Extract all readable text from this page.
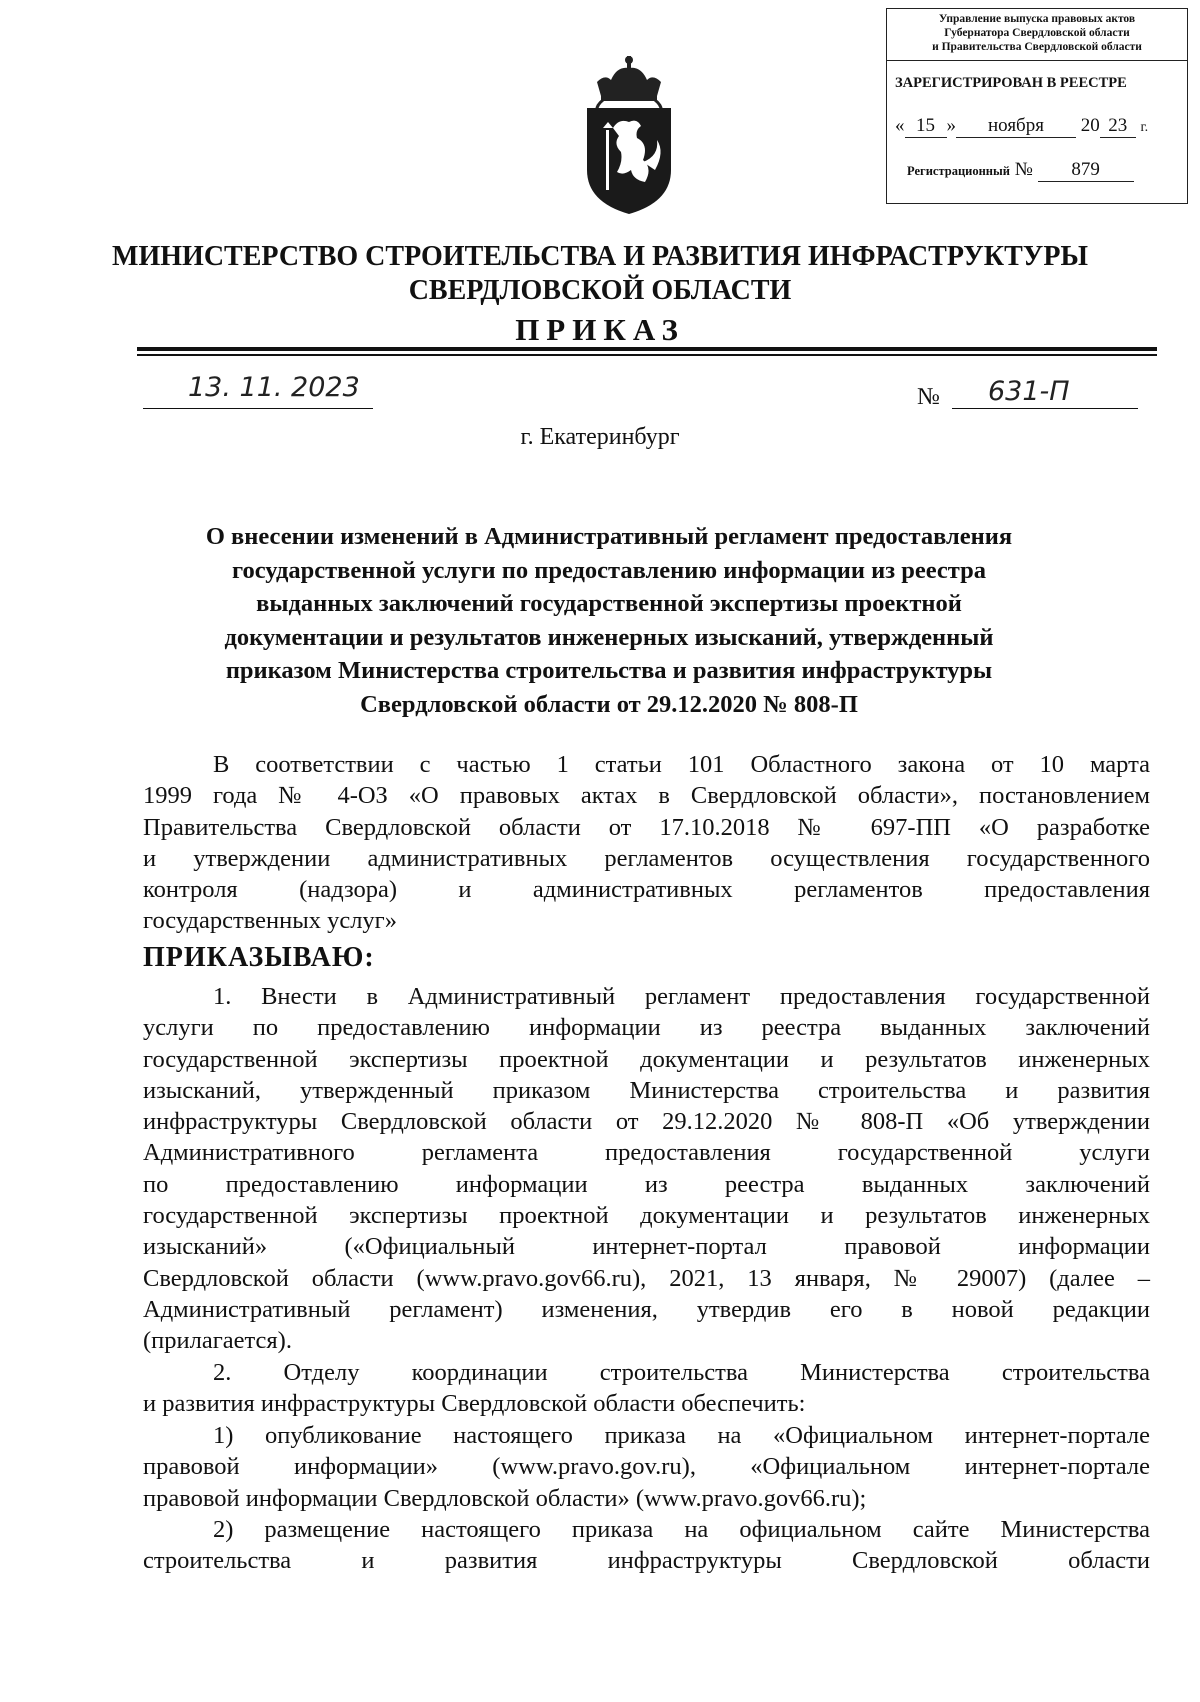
Управление выпуска правовых актов
Губернатора Свердловской области
и Правительства Свердловской области
ЗАРЕГИСТРИРОВАН В РЕЕСТРЕ
« 15 » ноября 20 23 г.
Регистрационный № 879
МИНИСТЕРСТВО СТРОИТЕЛЬСТВА И РАЗВИТИЯ ИНФРАСТРУКТУРЫ
СВЕРДЛОВСКОЙ ОБЛАСТИ
ПРИКАЗ
13. 11. 2023	№ 631-П
г. Екатеринбург
О внесении изменений в Административный регламент предоставления
государственной услуги по предоставлению информации из реестра
выданных заключений государственной экспертизы проектной
документации и результатов инженерных изысканий, утвержденный
приказом Министерства строительства и развития инфраструктуры
Свердловской области от 29.12.2020 № 808-П
В соответствии с частью 1 статьи 101 Областного закона от 10 марта
1999 года № 4-ОЗ «О правовых актах в Свердловской области», постановлением
Правительства Свердловской области от 17.10.2018 № 697-ПП «О разработке
и утверждении административных регламентов осуществления государственного
контроля (надзора) и административных регламентов предоставления
государственных услуг»
ПРИКАЗЫВАЮ:
1. Внести в Административный регламент предоставления государственной
услуги по предоставлению информации из реестра выданных заключений
государственной экспертизы проектной документации и результатов инженерных
изысканий, утвержденный приказом Министерства строительства и развития
инфраструктуры Свердловской области от 29.12.2020 № 808-П «Об утверждении
Административного регламента предоставления государственной услуги
по предоставлению информации из реестра выданных заключений
государственной экспертизы проектной документации и результатов инженерных
изысканий» («Официальный интернет-портал правовой информации
Свердловской области (www.pravo.gov66.ru), 2021, 13 января, № 29007) (далее –
Административный регламент) изменения, утвердив его в новой редакции
(прилагается).
2. Отделу координации строительства Министерства строительства
и развития инфраструктуры Свердловской области обеспечить:
1) опубликование настоящего приказа на «Официальном интернет-портале
правовой информации» (www.pravo.gov.ru), «Официальном интернет-портале
правовой информации Свердловской области» (www.pravo.gov66.ru);
2) размещение настоящего приказа на официальном сайте Министерства
строительства и развития инфраструктуры Свердловской области
